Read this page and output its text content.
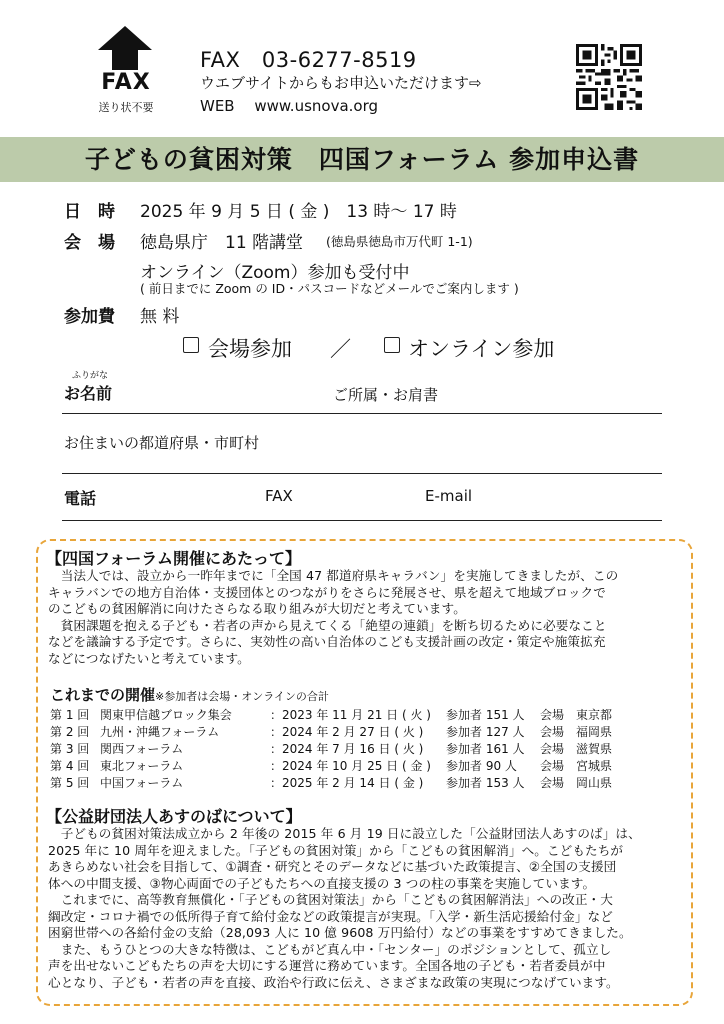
FAX
送り状不要
FAX　03-6277-8519
ウエブサイトからもお申込いただけます⇨
WEB　 www.usnova.org
子どもの貧困対策　四国フォーラム 参加申込書
日　時 2025 年 9 月 5 日 ( 金 )　13 時〜 17 時
会　場 徳島県庁　11 階講堂 (徳島県徳島市万代町 1-1)
オンライン（Zoom）参加も受付中
( 前日までに Zoom の ID・パスコードなどメールでご案内します )
参加費 無 料
会場参加 ／	オンライン参加
ふりがな
お名前	ご所属・お肩書
お住まいの都道府県・市町村
電話	FAX	E-mail
【四国フォーラム開催にあたって】
　当法人では、設立から一昨年までに「全国 47 都道府県キャラバン」を実施してきましたが、この
キャラバンでの地方自治体・支援団体とのつながりをさらに発展させ、県を超えて地域ブロックで
のこどもの貧困解消に向けたさらなる取り組みが大切だと考えています。
　貧困課題を抱える子ども・若者の声から見えてくる「絶望の連鎖」を断ち切るために必要なこと
などを議論する予定です。さらに、実効性の高い自治体のこども支援計画の改定・策定や施策拡充
などにつなげたいと考えています。
これまでの開催※参加者は会場・オンラインの合計
第 1 回 関東甲信越ブロック集会	：2023 年 11 月 21 日 ( 火 ) 参加者 151 人 会場　東京都
第 2 回 九州・沖縄フォーラム	：2024 年 2 月 27 日 ( 火 ) 参加者 127 人 会場　福岡県
第 3 回 関西フォーラム	：2024 年 7 月 16 日 ( 火 ) 参加者 161 人 会場　滋賀県
第 4 回 東北フォーラム	：2024 年 10 月 25 日 ( 金 ) 参加者 90 人 会場　宮城県
第 5 回 中国フォーラム	：2025 年 2 月 14 日 ( 金 ) 参加者 153 人 会場　岡山県
【公益財団法人あすのばについて】
　子どもの貧困対策法成立から 2 年後の 2015 年 6 月 19 日に設立した「公益財団法人あすのば」は、
2025 年に 10 周年を迎えました。「子どもの貧困対策」から「こどもの貧困解消」へ。こどもたちが
あきらめない社会を目指して、①調査・研究とそのデータなどに基づいた政策提言、②全国の支援団
体への中間支援、③物心両面での子どもたちへの直接支援の 3 つの柱の事業を実施しています。
　これまでに、高等教育無償化・「子どもの貧困対策法」から「こどもの貧困解消法」への改正・大
綱改定・コロナ禍での低所得子育て給付金などの政策提言が実現。「入学・新生活応援給付金」など
困窮世帯への各給付金の支給（28,093 人に 10 億 9608 万円給付）などの事業をすすめてきました。
　また、もうひとつの大きな特徴は、こどもがど真ん中・「センター」のポジションとして、孤立し
声を出せないこどもたちの声を大切にする運営に務めています。全国各地の子ども・若者委員が中
心となり、子ども・若者の声を直接、政治や行政に伝え、さまざまな政策の実現につなげています。
